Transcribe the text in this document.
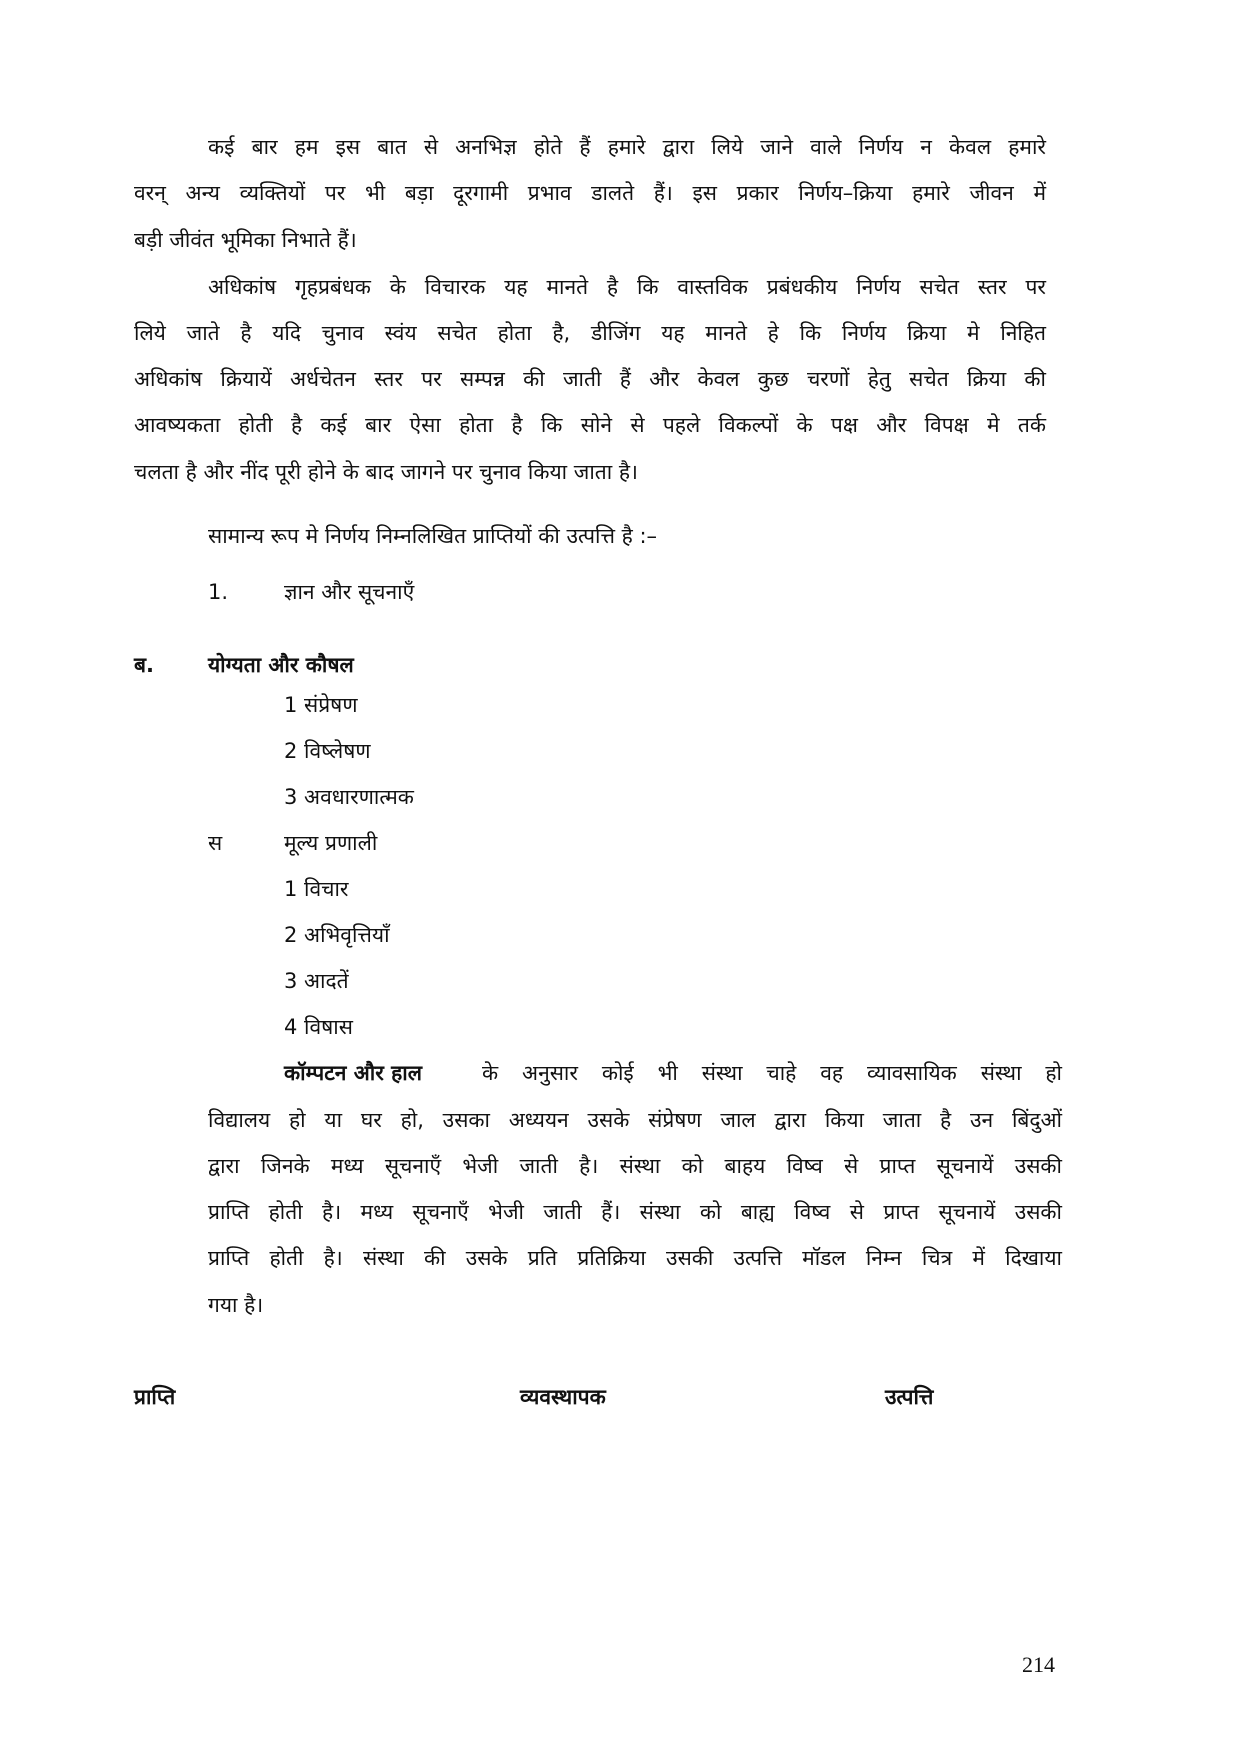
कई बार हम इस बात से अनभिज्ञ होते हैं हमारे द्वारा लिये जाने वाले निर्णय न केवल हमारे
वरन् अन्य व्यक्तियों पर भी बड़ा दूरगामी प्रभाव डालते हैं। इस प्रकार निर्णय–क्रिया हमारे जीवन में
बड़ी जीवंत भूमिका निभाते हैं।
अधिकांष गृहप्रबंधक के विचारक यह मानते है कि वास्तविक प्रबंधकीय निर्णय सचेत स्तर पर
लिये जाते है यदि चुनाव स्वंय सचेत होता है, डीजिंग यह मानते हे कि निर्णय क्रिया मे निहित
अधिकांष क्रियायें अर्धचेतन स्तर पर सम्पन्न की जाती हैं और केवल कुछ चरणों हेतु सचेत क्रिया की
आवष्यकता होती है कई बार ऐसा होता है कि सोने से पहले विकल्पों के पक्ष और विपक्ष मे तर्क
चलता है और नींद पूरी होने के बाद जागने पर चुनाव किया जाता है।
सामान्य रूप मे निर्णय निम्नलिखित प्राप्तियों की उत्पत्ति है :–
1.	ज्ञान और सूचनाऍं
ब.	योग्यता और कौषल
1 संप्रेषण
2 विष्लेषण
3 अवधारणात्मक
स	मूल्य प्रणाली
1 विचार
2 अभिवृत्तियॉं
3 आदतें
4 विषास
कॉम्पटन और हाल	के अनुसार कोई भी संस्था चाहे वह व्यावसायिक संस्था हो
विद्यालय हो या घर हो, उसका अध्ययन उसके संप्रेषण जाल द्वारा किया जाता है उन बिंदुओं
द्वारा जिनके मध्य सूचनाऍं भेजी जाती है। संस्था को बाहय विष्व से प्राप्त सूचनायें उसकी
प्राप्ति होती है। मध्य सूचनाऍं भेजी जाती हैं। संस्था को बाह्य विष्व से प्राप्त सूचनायें उसकी
प्राप्ति होती है। संस्था की उसके प्रति प्रतिक्रिया उसकी उत्पत्ति मॉडल निम्न चित्र में दिखाया
गया है।
प्राप्ति	व्यवस्थापक	उत्पत्ति
214
